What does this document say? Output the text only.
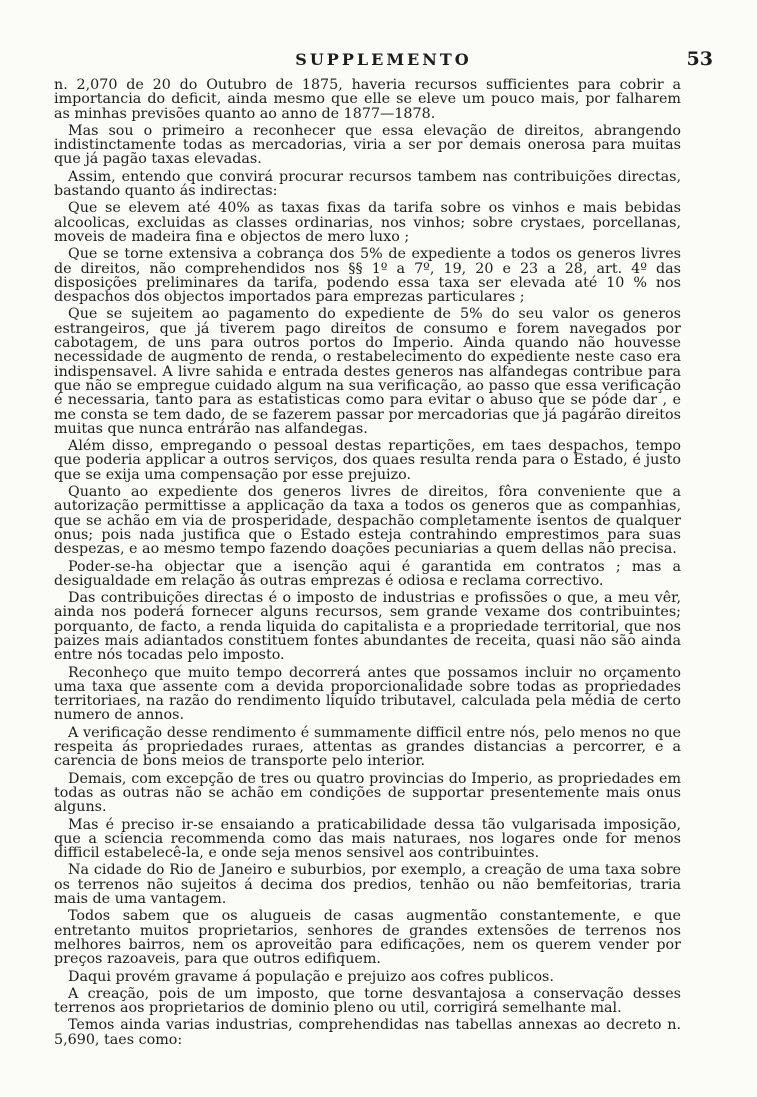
SUPPLEMENTO	53

n. 2,070 de 20 do Outubro de 1875, haveria recursos sufficientes para cobrir a importancia do deficit, ainda mesmo que elle se eleve um pouco mais, por falharem as minhas previsões quanto ao anno de 1877—1878.

Mas sou o primeiro a reconhecer que essa elevação de direitos, abrangendo indistinctamente todas as mercadorias, viria a ser por demais onerosa para muitas que já pagão taxas elevadas.

Assim, entendo que convirá procurar recursos tambem nas contribuições directas, bastando quanto ás indirectas:

Que se elevem até 40% as taxas fixas da tarifa sobre os vinhos e mais bebidas alcoolicas, excluidas as classes ordinarias, nos vinhos; sobre crystaes, porcellanas, moveis de madeira fina e objectos de mero luxo ;

Que se torne extensiva a cobrança dos 5% de expediente a todos os generos livres de direitos, não comprehendidos nos §§ 1º a 7º, 19, 20 e 23 a 28, art. 4º das disposições preliminares da tarifa, podendo essa taxa ser elevada até 10 % nos despachos dos objectos importados para emprezas particulares ;

Que se sujeitem ao pagamento do expediente de 5% do seu valor os generos estrangeiros, que já tiverem pago direitos de consumo e forem navegados por cabotagem, de uns para outros portos do Imperio. Ainda quando não houvesse necessidade de augmento de renda, o restabelecimento do expediente neste caso era indispensavel. A livre sahida e entrada destes generos nas alfandegas contribue para que não se empregue cuidado algum na sua verificação, ao passo que essa verificação é necessaria, tanto para as estatisticas como para evitar o abuso que se póde dar , e me consta se tem dado, de se fazerem passar por mercadorias que já pagárão direitos muitas que nunca entrárão nas alfandegas.

Além disso, empregando o pessoal destas repartições, em taes despachos, tempo que poderia applicar a outros serviços, dos quaes resulta renda para o Estado, é justo que se exija uma compensação por esse prejuizo.

Quanto ao expediente dos generos livres de direitos, fôra conveniente que a autorização permittisse a applicação da taxa a todos os generos que as companhias, que se achão em via de prosperidade, despachão completamente isentos de qualquer onus; pois nada justifica que o Estado esteja contrahindo emprestimos para suas despezas, e ao mesmo tempo fazendo doações pecuniarias a quem dellas não precisa.

Poder-se-ha objectar que a isenção aqui é garantida em contratos ; mas a desigualdade em relação ás outras emprezas é odiosa e reclama correctivo.

Das contribuições directas é o imposto de industrias e profissões o que, a meu vêr, ainda nos poderá fornecer alguns recursos, sem grande vexame dos contribuintes; porquanto, de facto, a renda liquida do capitalista e a propriedade territorial, que nos paizes mais adiantados constituem fontes abundantes de receita, quasi não são ainda entre nós tocadas pelo imposto.

Reconheço que muito tempo decorrerá antes que possamos incluir no orçamento uma taxa que assente com a devida proporcionalidade sobre todas as propriedades territoriaes, na razão do rendimento liquido tributavel, calculada pela média de certo numero de annos.

A verificação desse rendimento é summamente difficil entre nós, pelo menos no que respeita ás propriedades ruraes, attentas as grandes distancias a percorrer, e a carencia de bons meios de transporte pelo interior.

Demais, com excepção de tres ou quatro provincias do Imperio, as propriedades em todas as outras não se achão em condições de supportar presentemente mais onus alguns.

Mas é preciso ir-se ensaiando a praticabilidade dessa tão vulgarisada imposição, que a sciencia recommenda como das mais naturaes, nos logares onde for menos difficil estabelecê-la, e onde seja menos sensivel aos contribuintes.

Na cidade do Rio de Janeiro e suburbios, por exemplo, a creação de uma taxa sobre os terrenos não sujeitos á decima dos predios, tenhão ou não bemfeitorias, traria mais de uma vantagem.

Todos sabem que os alugueis de casas augmentão constantemente, e que entretanto muitos proprietarios, senhores de grandes extensões de terrenos nos melhores bairros, nem os aproveitão para edificações, nem os querem vender por preços razoaveis, para que outros edifiquem.

Daqui provém gravame á população e prejuizo aos cofres publicos.

A creação, pois de um imposto, que torne desvantajosa a conservação desses terrenos aos proprietarios de dominio pleno ou util, corrigirá semelhante mal.

Temos ainda varias industrias, comprehendidas nas tabellas annexas ao decreto n. 5,690, taes como:
